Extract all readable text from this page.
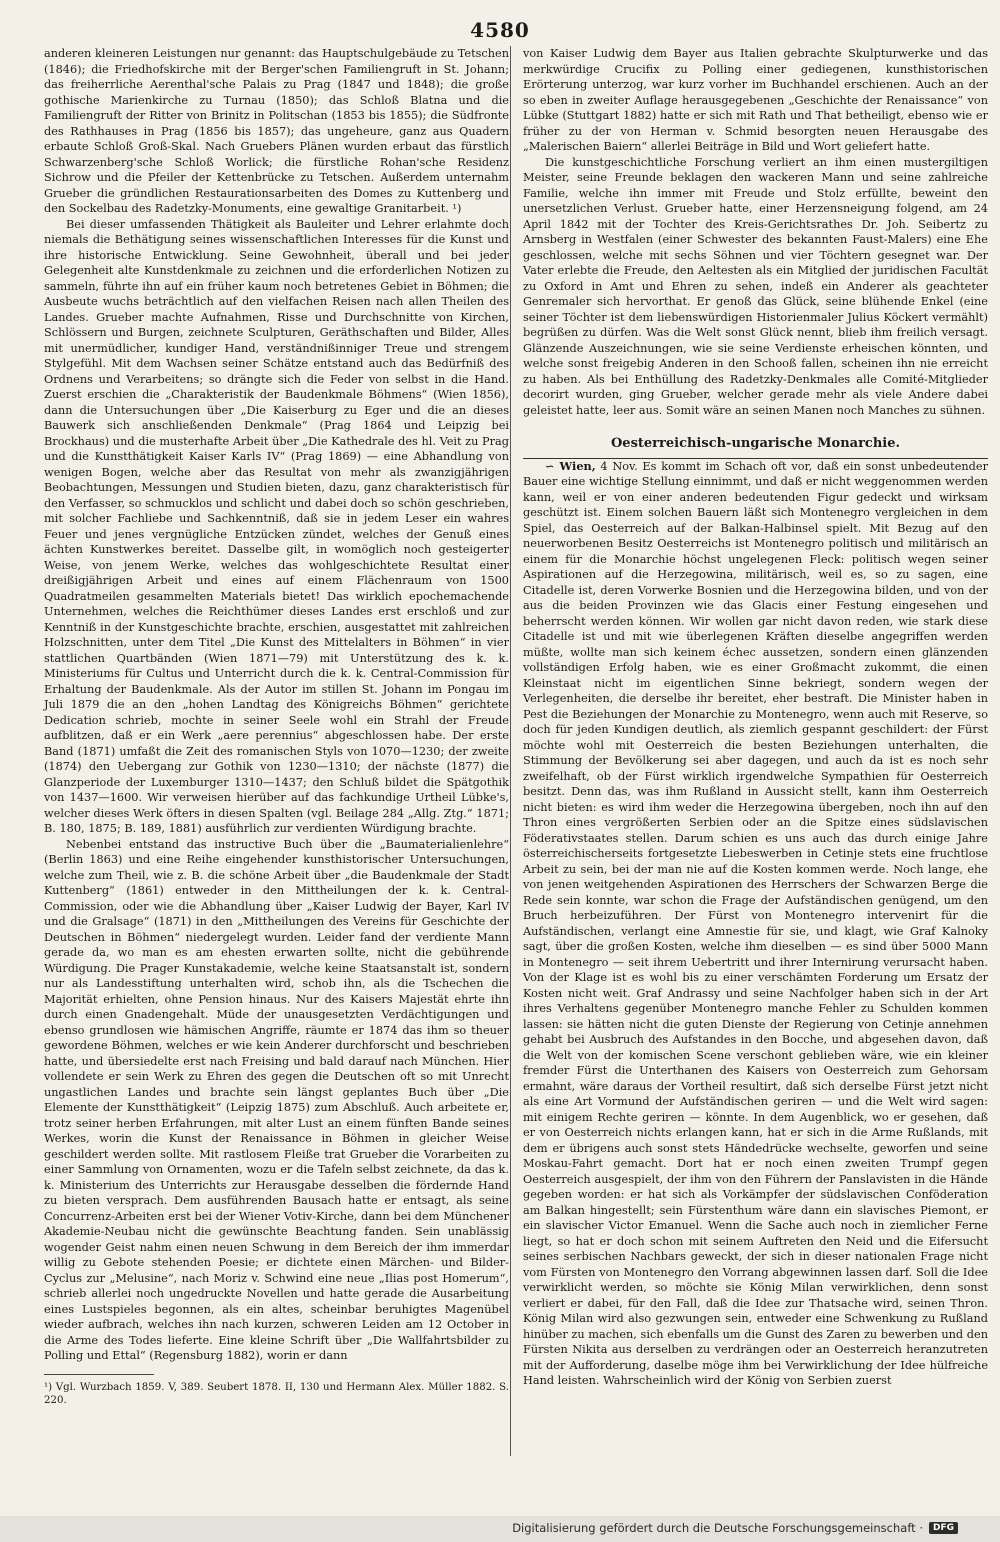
4580

anderen kleineren Leistungen nur genannt: das Hauptschulgebäude zu Tetschen (1846); die Friedhofskirche mit der Berger'schen Familiengruft in St. Johann; das freiherrliche Aerenthal'sche Palais zu Prag (1847 und 1848); die große gothische Marienkirche zu Turnau (1850); das Schloß Blatna und die Familiengruft der Ritter von Brinitz in Politschan (1853 bis 1855); die Südfronte des Rathhauses in Prag (1856 bis 1857); das ungeheure, ganz aus Quadern erbaute Schloß Groß-Skal. Nach Gruebers Plänen wurden erbaut das fürstlich Schwarzenberg'sche Schloß Worlick; die fürstliche Rohan'sche Residenz Sichrow und die Pfeiler der Kettenbrücke zu Tetschen. Außerdem unternahm Grueber die gründlichen Restaurationsarbeiten des Domes zu Kuttenberg und den Sockelbau des Radetzky-Monuments, eine gewaltige Granitarbeit. ¹)

Bei dieser umfassenden Thätigkeit als Bauleiter und Lehrer erlahmte doch niemals die Bethätigung seines wissenschaftlichen Interesses für die Kunst und ihre historische Entwicklung. Seine Gewohnheit, überall und bei jeder Gelegenheit alte Kunstdenkmale zu zeichnen und die erforderlichen Notizen zu sammeln, führte ihn auf ein früher kaum noch betretenes Gebiet in Böhmen; die Ausbeute wuchs beträchtlich auf den vielfachen Reisen nach allen Theilen des Landes. Grueber machte Aufnahmen, Risse und Durchschnitte von Kirchen, Schlössern und Burgen, zeichnete Sculpturen, Geräthschaften und Bilder, Alles mit unermüdlicher, kundiger Hand, verständnißinniger Treue und strengem Stylgefühl. Mit dem Wachsen seiner Schätze entstand auch das Bedürfniß des Ordnens und Verarbeitens; so drängte sich die Feder von selbst in die Hand. Zuerst erschien die „Charakteristik der Baudenkmale Böhmens“ (Wien 1856), dann die Untersuchungen über „Die Kaiserburg zu Eger und die an dieses Bauwerk sich anschließenden Denkmale“ (Prag 1864 und Leipzig bei Brockhaus) und die musterhafte Arbeit über „Die Kathedrale des hl. Veit zu Prag und die Kunstthätigkeit Kaiser Karls IV“ (Prag 1869) — eine Abhandlung von wenigen Bogen, welche aber das Resultat von mehr als zwanzigjährigen Beobachtungen, Messungen und Studien bieten, dazu, ganz charakteristisch für den Verfasser, so schmucklos und schlicht und dabei doch so schön geschrieben, mit solcher Fachliebe und Sachkenntniß, daß sie in jedem Leser ein wahres Feuer und jenes vergnügliche Entzücken zündet, welches der Genuß eines ächten Kunstwerkes bereitet. Dasselbe gilt, in womöglich noch gesteigerter Weise, von jenem Werke, welches das wohlgeschichtete Resultat einer dreißigjährigen Arbeit und eines auf einem Flächenraum von 1500 Quadratmeilen gesammelten Materials bietet! Das wirklich epochemachende Unternehmen, welches die Reichthümer dieses Landes erst erschloß und zur Kenntniß in der Kunstgeschichte brachte, erschien, ausgestattet mit zahlreichen Holzschnitten, unter dem Titel „Die Kunst des Mittelalters in Böhmen“ in vier stattlichen Quartbänden (Wien 1871—79) mit Unterstützung des k. k. Ministeriums für Cultus und Unterricht durch die k. k. Central-Commission für Erhaltung der Baudenkmale. Als der Autor im stillen St. Johann im Pongau im Juli 1879 die an den „hohen Landtag des Königreichs Böhmen“ gerichtete Dedication schrieb, mochte in seiner Seele wohl ein Strahl der Freude aufblitzen, daß er ein Werk „aere perennius“ abgeschlossen habe. Der erste Band (1871) umfaßt die Zeit des romanischen Styls von 1070—1230; der zweite (1874) den Uebergang zur Gothik von 1230—1310; der nächste (1877) die Glanzperiode der Luxemburger 1310—1437; den Schluß bildet die Spätgothik von 1437—1600. Wir verweisen hierüber auf das fachkundige Urtheil Lübke's, welcher dieses Werk öfters in diesen Spalten (vgl. Beilage 284 „Allg. Ztg.“ 1871; B. 180, 1875; B. 189, 1881) ausführlich zur verdienten Würdigung brachte.

Nebenbei entstand das instructive Buch über die „Baumaterialienlehre“ (Berlin 1863) und eine Reihe eingehender kunsthistorischer Untersuchungen, welche zum Theil, wie z. B. die schöne Arbeit über „die Baudenkmale der Stadt Kuttenberg“ (1861) entweder in den Mittheilungen der k. k. Central-Commission, oder wie die Abhandlung über „Kaiser Ludwig der Bayer, Karl IV und die Gralsage“ (1871) in den „Mittheilungen des Vereins für Geschichte der Deutschen in Böhmen“ niedergelegt wurden. Leider fand der verdiente Mann gerade da, wo man es am ehesten erwarten sollte, nicht die gebührende Würdigung. Die Prager Kunstakademie, welche keine Staatsanstalt ist, sondern nur als Landesstiftung unterhalten wird, schob ihn, als die Tschechen die Majorität erhielten, ohne Pension hinaus. Nur des Kaisers Majestät ehrte ihn durch einen Gnadengehalt. Müde der unausgesetzten Verdächtigungen und ebenso grundlosen wie hämischen Angriffe, räumte er 1874 das ihm so theuer gewordene Böhmen, welches er wie kein Anderer durchforscht und beschrieben hatte, und übersiedelte erst nach Freising und bald darauf nach München. Hier vollendete er sein Werk zu Ehren des gegen die Deutschen oft so mit Unrecht ungastlichen Landes und brachte sein längst geplantes Buch über „Die Elemente der Kunstthätigkeit“ (Leipzig 1875) zum Abschluß. Auch arbeitete er, trotz seiner herben Erfahrungen, mit alter Lust an einem fünften Bande seines Werkes, worin die Kunst der Renaissance in Böhmen in gleicher Weise geschildert werden sollte. Mit rastlosem Fleiße trat Grueber die Vorarbeiten zu einer Sammlung von Ornamenten, wozu er die Tafeln selbst zeichnete, da das k. k. Ministerium des Unterrichts zur Herausgabe desselben die fördernde Hand zu bieten versprach. Dem ausführenden Bausach hatte er entsagt, als seine Concurrenz-Arbeiten erst bei der Wiener Votiv-Kirche, dann bei dem Münchener Akademie-Neubau nicht die gewünschte Beachtung fanden. Sein unablässig wogender Geist nahm einen neuen Schwung in dem Bereich der ihm immerdar willig zu Gebote stehenden Poesie; er dichtete einen Märchen- und Bilder-Cyclus zur „Melusine“, nach Moriz v. Schwind eine neue „Ilias post Homerum“, schrieb allerlei noch ungedruckte Novellen und hatte gerade die Ausarbeitung eines Lustspieles begonnen, als ein altes, scheinbar beruhigtes Magenübel wieder aufbrach, welches ihn nach kurzen, schweren Leiden am 12 October in die Arme des Todes lieferte. Eine kleine Schrift über „Die Wallfahrtsbilder zu Polling und Ettal“ (Regensburg 1882), worin er dann

¹) Vgl. Wurzbach 1859. V, 389. Seubert 1878. II, 130 und Hermann Alex. Müller 1882. S. 220.

von Kaiser Ludwig dem Bayer aus Italien gebrachte Skulpturwerke und das merkwürdige Crucifix zu Polling einer gediegenen, kunsthistorischen Erörterung unterzog, war kurz vorher im Buchhandel erschienen. Auch an der so eben in zweiter Auflage herausgegebenen „Geschichte der Renaissance“ von Lübke (Stuttgart 1882) hatte er sich mit Rath und That betheiligt, ebenso wie er früher zu der von Herman v. Schmid besorgten neuen Herausgabe des „Malerischen Baiern“ allerlei Beiträge in Bild und Wort geliefert hatte.

Die kunstgeschichtliche Forschung verliert an ihm einen mustergiltigen Meister, seine Freunde beklagen den wackeren Mann und seine zahlreiche Familie, welche ihn immer mit Freude und Stolz erfüllte, beweint den unersetzlichen Verlust. Grueber hatte, einer Herzensneigung folgend, am 24 April 1842 mit der Tochter des Kreis-Gerichtsrathes Dr. Joh. Seibertz zu Arnsberg in Westfalen (einer Schwester des bekannten Faust-Malers) eine Ehe geschlossen, welche mit sechs Söhnen und vier Töchtern gesegnet war. Der Vater erlebte die Freude, den Aeltesten als ein Mitglied der juridischen Facultät zu Oxford in Amt und Ehren zu sehen, indeß ein Anderer als geachteter Genremaler sich hervorthat. Er genoß das Glück, seine blühende Enkel (eine seiner Töchter ist dem liebenswürdigen Historienmaler Julius Köckert vermählt) begrüßen zu dürfen. Was die Welt sonst Glück nennt, blieb ihm freilich versagt. Glänzende Auszeichnungen, wie sie seine Verdienste erheischen könnten, und welche sonst freigebig Anderen in den Schooß fallen, scheinen ihn nie erreicht zu haben. Als bei Enthüllung des Radetzky-Denkmales alle Comité-Mitglieder decorirt wurden, ging Grueber, welcher gerade mehr als viele Andere dabei geleistet hatte, leer aus. Somit wäre an seinen Manen noch Manches zu sühnen.

Oesterreichisch-ungarische Monarchie.

∽ Wien, 4 Nov. Es kommt im Schach oft vor, daß ein sonst unbedeutender Bauer eine wichtige Stellung einnimmt, und daß er nicht weggenommen werden kann, weil er von einer anderen bedeutenden Figur gedeckt und wirksam geschützt ist. Einem solchen Bauern läßt sich Montenegro vergleichen in dem Spiel, das Oesterreich auf der Balkan-Halbinsel spielt. Mit Bezug auf den neuerworbenen Besitz Oesterreichs ist Montenegro politisch und militärisch an einem für die Monarchie höchst ungelegenen Fleck: politisch wegen seiner Aspirationen auf die Herzegowina, militärisch, weil es, so zu sagen, eine Citadelle ist, deren Vorwerke Bosnien und die Herzegowina bilden, und von der aus die beiden Provinzen wie das Glacis einer Festung eingesehen und beherrscht werden können. Wir wollen gar nicht davon reden, wie stark diese Citadelle ist und mit wie überlegenen Kräften dieselbe angegriffen werden müßte, wollte man sich keinem échec aussetzen, sondern einen glänzenden vollständigen Erfolg haben, wie es einer Großmacht zukommt, die einen Kleinstaat nicht im eigentlichen Sinne bekriegt, sondern wegen der Verlegenheiten, die derselbe ihr bereitet, eher bestraft. Die Minister haben in Pest die Beziehungen der Monarchie zu Montenegro, wenn auch mit Reserve, so doch für jeden Kundigen deutlich, als ziemlich gespannt geschildert: der Fürst möchte wohl mit Oesterreich die besten Beziehungen unterhalten, die Stimmung der Bevölkerung sei aber dagegen, und auch da ist es noch sehr zweifelhaft, ob der Fürst wirklich irgendwelche Sympathien für Oesterreich besitzt. Denn das, was ihm Rußland in Aussicht stellt, kann ihm Oesterreich nicht bieten: es wird ihm weder die Herzegowina übergeben, noch ihn auf den Thron eines vergrößerten Serbien oder an die Spitze eines südslavischen Föderativstaates stellen. Darum schien es uns auch das durch einige Jahre österreichischerseits fortgesetzte Liebeswerben in Cetinje stets eine fruchtlose Arbeit zu sein, bei der man nie auf die Kosten kommen werde. Noch lange, ehe von jenen weitgehenden Aspirationen des Herrschers der Schwarzen Berge die Rede sein konnte, war schon die Frage der Aufständischen genügend, um den Bruch herbeizuführen. Der Fürst von Montenegro intervenirt für die Aufständischen, verlangt eine Amnestie für sie, und klagt, wie Graf Kalnoky sagt, über die großen Kosten, welche ihm dieselben — es sind über 5000 Mann in Montenegro — seit ihrem Uebertritt und ihrer Internirung verursacht haben. Von der Klage ist es wohl bis zu einer verschämten Forderung um Ersatz der Kosten nicht weit. Graf Andrassy und seine Nachfolger haben sich in der Art ihres Verhaltens gegenüber Montenegro manche Fehler zu Schulden kommen lassen: sie hätten nicht die guten Dienste der Regierung von Cetinje annehmen gehabt bei Ausbruch des Aufstandes in den Bocche, und abgesehen davon, daß die Welt von der komischen Scene verschont geblieben wäre, wie ein kleiner fremder Fürst die Unterthanen des Kaisers von Oesterreich zum Gehorsam ermahnt, wäre daraus der Vortheil resultirt, daß sich derselbe Fürst jetzt nicht als eine Art Vormund der Aufständischen geriren — und die Welt wird sagen: mit einigem Rechte geriren — könnte. In dem Augenblick, wo er gesehen, daß er von Oesterreich nichts erlangen kann, hat er sich in die Arme Rußlands, mit dem er übrigens auch sonst stets Händedrücke wechselte, geworfen und seine Moskau-Fahrt gemacht. Dort hat er noch einen zweiten Trumpf gegen Oesterreich ausgespielt, der ihm von den Führern der Panslavisten in die Hände gegeben worden: er hat sich als Vorkämpfer der südslavischen Conföderation am Balkan hingestellt; sein Fürstenthum wäre dann ein slavisches Piemont, er ein slavischer Victor Emanuel. Wenn die Sache auch noch in ziemlicher Ferne liegt, so hat er doch schon mit seinem Auftreten den Neid und die Eifersucht seines serbischen Nachbars geweckt, der sich in dieser nationalen Frage nicht vom Fürsten von Montenegro den Vorrang abgewinnen lassen darf. Soll die Idee verwirklicht werden, so möchte sie König Milan verwirklichen, denn sonst verliert er dabei, für den Fall, daß die Idee zur Thatsache wird, seinen Thron. König Milan wird also gezwungen sein, entweder eine Schwenkung zu Rußland hinüber zu machen, sich ebenfalls um die Gunst des Zaren zu bewerben und den Fürsten Nikita aus derselben zu verdrängen oder an Oesterreich heranzutreten mit der Aufforderung, daselbe möge ihm bei Verwirklichung der Idee hülfreiche Hand leisten. Wahrscheinlich wird der König von Serbien zuerst

Digitalisierung gefördert durch die Deutsche Forschungsgemeinschaft ·	DFG
